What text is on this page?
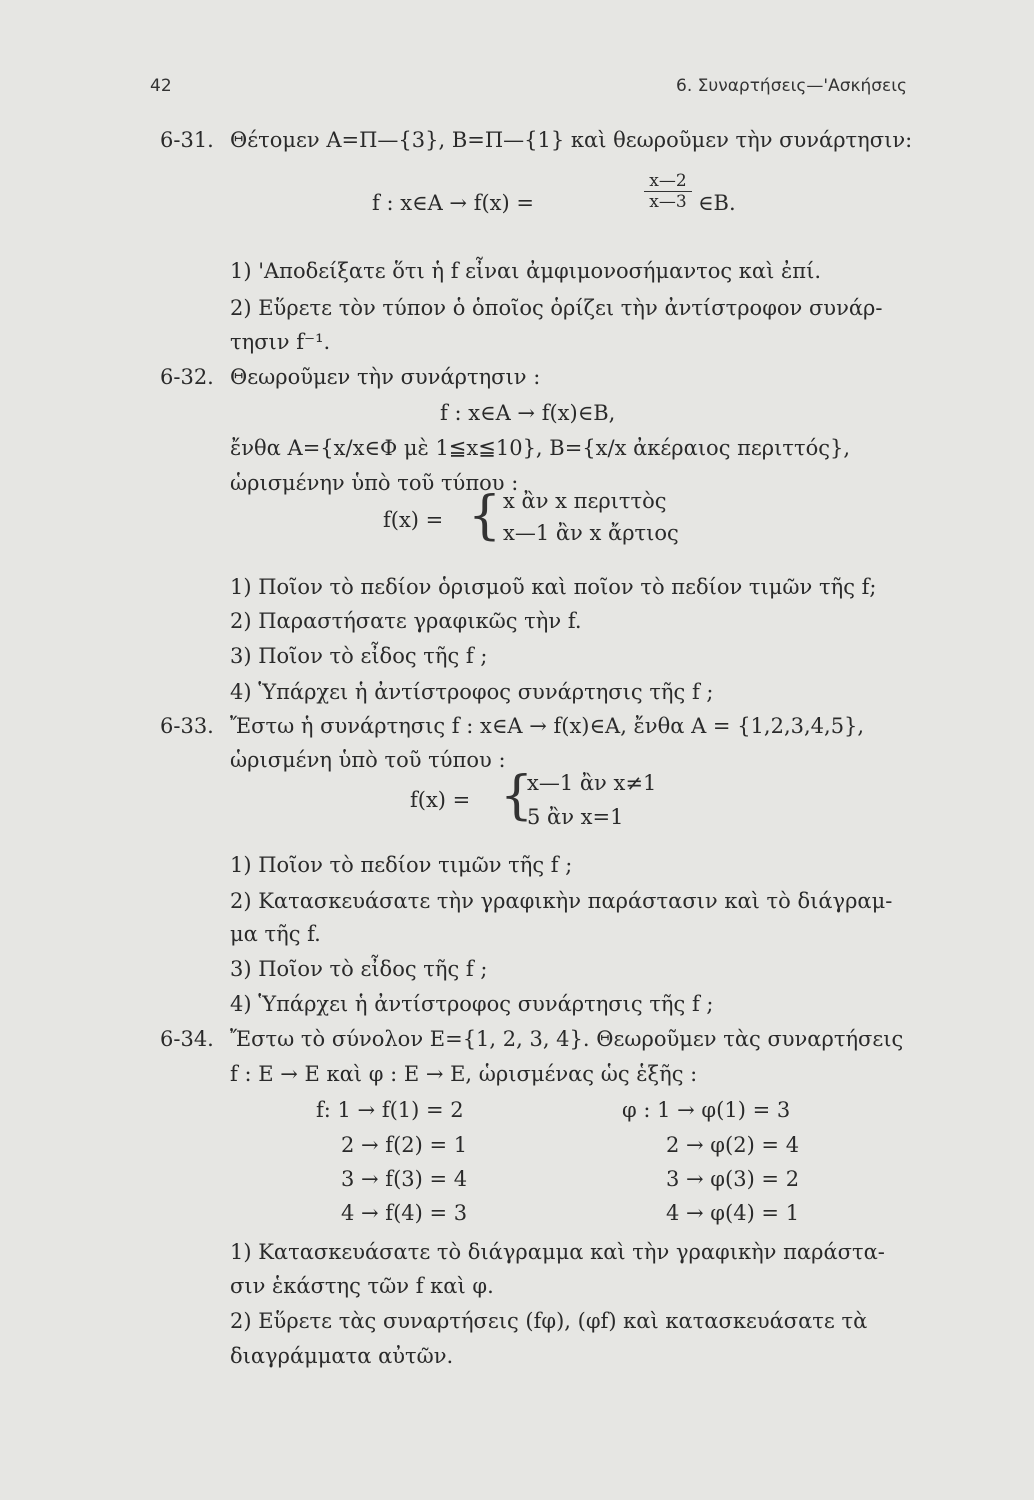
42	6. Συναρτήσεις—'Ασκήσεις
6-31. Θέτομεν Α=Π—{3}, Β=Π—{1} καὶ θεωροῦμεν τὴν συνάρτησιν:
f : x∈A → f(x) =
x—2
x—3 ∈B.
1) 'Αποδείξατε ὅτι ἡ f εἶναι ἀμφιμονοσήμαντος καὶ ἐπί.
2) Εὕρετε τὸν τύπον ὁ ὁποῖος ὁρίζει τὴν ἀντίστροφον συνάρ-
τησιν f⁻¹.
6-32. Θεωροῦμεν τὴν συνάρτησιν :
f : x∈A → f(x)∈B,
ἔνθα A={x/x∈Φ μὲ 1≦x≦10}, B={x/x ἀκέραιος περιττός},
ὡρισμένην ὑπὸ τοῦ τύπου :
f(x) = { x ἂν x περιττὸς
x—1 ἂν x ἄρτιος
1) Ποῖον τὸ πεδίον ὁρισμοῦ καὶ ποῖον τὸ πεδίον τιμῶν τῆς f;
2) Παραστήσατε γραφικῶς τὴν f.
3) Ποῖον τὸ εἶδος τῆς f ;
4) Ὑπάρχει ἡ ἀντίστροφος συνάρτησις τῆς f ;
6-33. Ἔστω ἡ συνάρτησις f : x∈A → f(x)∈A, ἔνθα A = {1,2,3,4,5},
ὡρισμένη ὑπὸ τοῦ τύπου :
f(x) = {
x—1 ἂν x≠1
5 ἂν x=1
1) Ποῖον τὸ πεδίον τιμῶν τῆς f ;
2) Κατασκευάσατε τὴν γραφικὴν παράστασιν καὶ τὸ διάγραμ-
μα τῆς f.
3) Ποῖον τὸ εἶδος τῆς f ;
4) Ὑπάρχει ἡ ἀντίστροφος συνάρτησις τῆς f ;
6-34. Ἔστω τὸ σύνολον E={1, 2, 3, 4}. Θεωροῦμεν τὰς συναρτήσεις
f : E → E καὶ φ : E → E, ὡρισμένας ὡς ἑξῆς :
f: 1 → f(1) = 2
2 → f(2) = 1
3 → f(3) = 4
4 → f(4) = 3
φ : 1 → φ(1) = 3
2 → φ(2) = 4
3 → φ(3) = 2
4 → φ(4) = 1
1) Κατασκευάσατε τὸ διάγραμμα καὶ τὴν γραφικὴν παράστα-
σιν ἑκάστης τῶν f καὶ φ.
2) Εὕρετε τὰς συναρτήσεις (fφ), (φf) καὶ κατασκευάσατε τὰ
διαγράμματα αὐτῶν.
